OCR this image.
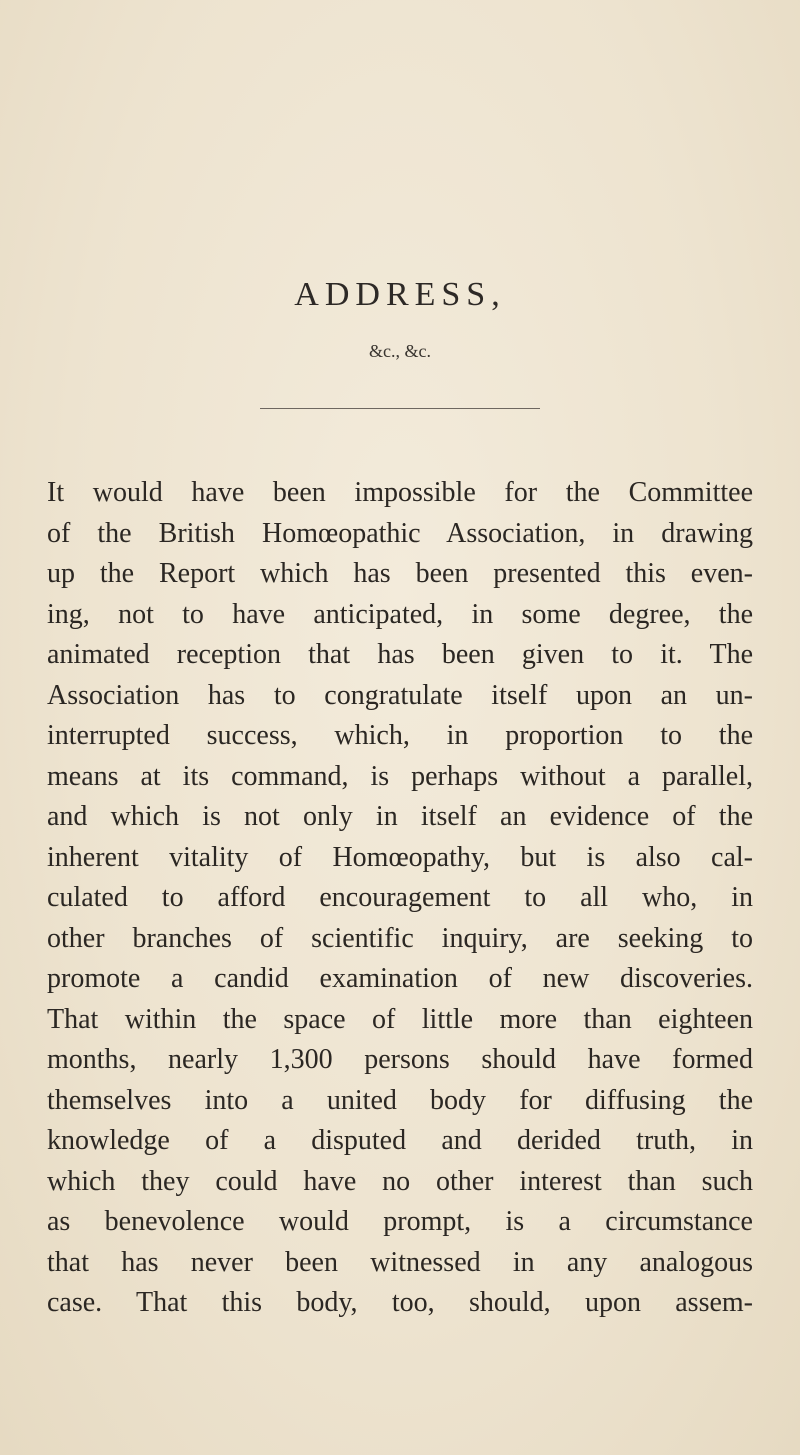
ADDRESS,
&c., &c.
It would have been impossible for the Committee
of the British Homœopathic Association, in drawing
up the Report which has been presented this even-
ing, not to have anticipated, in some degree, the
animated reception that has been given to it. The
Association has to congratulate itself upon an un-
interrupted success, which, in proportion to the
means at its command, is perhaps without a parallel,
and which is not only in itself an evidence of the
inherent vitality of Homœopathy, but is also cal-
culated to afford encouragement to all who, in
other branches of scientific inquiry, are seeking to
promote a candid examination of new discoveries.
That within the space of little more than eighteen
months, nearly 1,300 persons should have formed
themselves into a united body for diffusing the
knowledge of a disputed and derided truth, in
which they could have no other interest than such
as benevolence would prompt, is a circumstance
that has never been witnessed in any analogous
case. That this body, too, should, upon assem-
